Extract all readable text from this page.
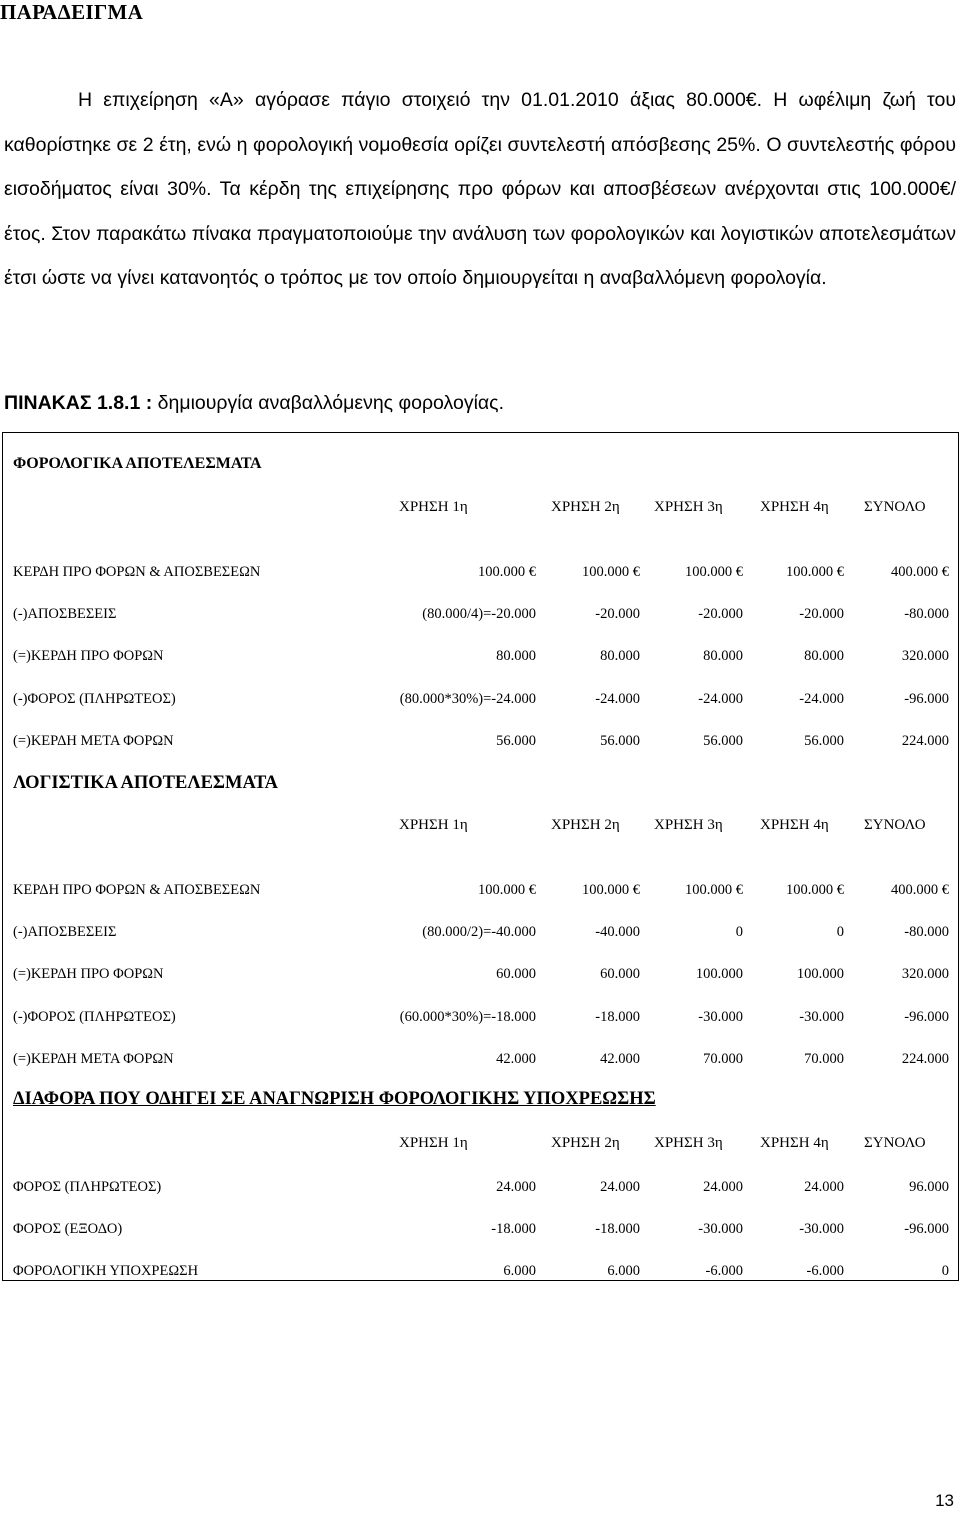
ΠΑΡΑΔΕΙΓΜΑ

Η επιχείρηση «Α» αγόρασε πάγιο στοιχειό την 01.01.2010 άξιας 80.000€. Η ωφέλιμη ζωή του καθορίστηκε σε 2 έτη, ενώ η φορολογική νομοθεσία ορίζει συντελεστή απόσβεσης 25%. Ο συντελεστής φόρου εισοδήματος είναι 30%. Τα κέρδη της επιχείρησης προ φόρων και αποσβέσεων ανέρχονται στις 100.000€/έτος. Στον παρακάτω πίνακα πραγματοποιούμε την ανάλυση των φορολογικών και λογιστικών αποτελεσμάτων έτσι ώστε να γίνει κατανοητός ο τρόπος με τον οποίο δημιουργείται η αναβαλλόμενη φορολογία.

ΠΙΝΑΚΑΣ 1.8.1 : δημιουργία αναβαλλόμενης φορολογίας.
ΦΟΡΟΛΟΓΙΚΑ ΑΠΟΤΕΛΕΣΜΑΤΑ
ΧΡΗΣΗ 1η	ΧΡΗΣΗ 2η ΧΡΗΣΗ 3η ΧΡΗΣΗ 4η ΣΥΝΟΛΟ
ΚΕΡΔΗ ΠΡΟ ΦΟΡΩΝ & ΑΠΟΣΒΕΣΕΩΝ	100.000 €	100.000 €	100.000 €	100.000 €	400.000 €
(-)ΑΠΟΣΒΕΣΕΙΣ	(80.000/4)=-20.000	-20.000	-20.000	-20.000	-80.000
(=)ΚΕΡΔΗ ΠΡΟ ΦΟΡΩΝ	80.000	80.000	80.000	80.000	320.000
(-)ΦΟΡΟΣ (ΠΛΗΡΩΤΕΟΣ)	(80.000*30%)=-24.000	-24.000	-24.000	-24.000	-96.000
(=)ΚΕΡΔΗ ΜΕΤΑ ΦΟΡΩΝ	56.000	56.000	56.000	56.000	224.000
ΛΟΓΙΣΤΙΚΑ ΑΠΟΤΕΛΕΣΜΑΤΑ
ΧΡΗΣΗ 1η	ΧΡΗΣΗ 2η ΧΡΗΣΗ 3η ΧΡΗΣΗ 4η ΣΥΝΟΛΟ
ΚΕΡΔΗ ΠΡΟ ΦΟΡΩΝ & ΑΠΟΣΒΕΣΕΩΝ	100.000 €	100.000 €	100.000 €	100.000 €	400.000 €
(-)ΑΠΟΣΒΕΣΕΙΣ	(80.000/2)=-40.000	-40.000	0	0	-80.000
(=)ΚΕΡΔΗ ΠΡΟ ΦΟΡΩΝ	60.000	60.000	100.000	100.000	320.000
(-)ΦΟΡΟΣ (ΠΛΗΡΩΤΕΟΣ)	(60.000*30%)=-18.000	-18.000	-30.000	-30.000	-96.000
(=)ΚΕΡΔΗ ΜΕΤΑ ΦΟΡΩΝ	42.000	42.000	70.000	70.000	224.000
ΔΙΑΦΟΡΑ ΠΟΥ ΟΔΗΓΕΙ ΣΕ ΑΝΑΓΝΩΡΙΣΗ ΦΟΡΟΛΟΓΙΚΗΣ ΥΠΟΧΡΕΩΣΗΣ
ΧΡΗΣΗ 1η	ΧΡΗΣΗ 2η ΧΡΗΣΗ 3η ΧΡΗΣΗ 4η ΣΥΝΟΛΟ
ΦΟΡΟΣ (ΠΛΗΡΩΤΕΟΣ)	24.000	24.000	24.000	24.000	96.000
ΦΟΡΟΣ (ΕΞΟΔΟ)	-18.000	-18.000	-30.000	-30.000	-96.000
ΦΟΡΟΛΟΓΙΚΗ ΥΠΟΧΡΕΩΣΗ	6.000	6.000	-6.000	-6.000	0
13
